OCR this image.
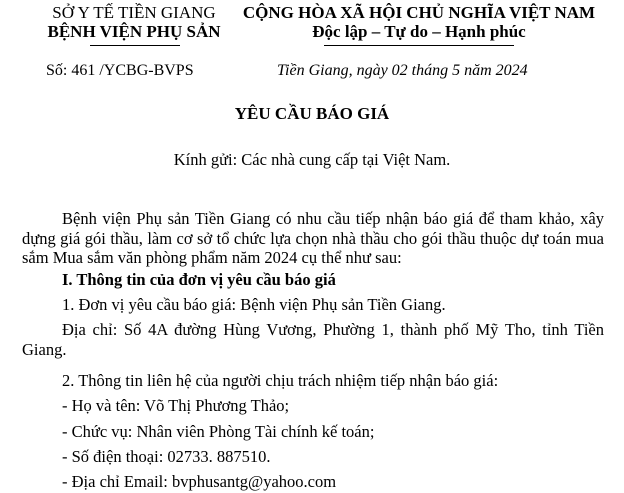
SỞ Y TẾ TIỀN GIANG
BỆNH VIỆN PHỤ SẢN
CỘNG HÒA XÃ HỘI CHỦ NGHĨA VIỆT NAM
Độc lập – Tự do – Hạnh phúc
Số: 461 /YCBG-BVPS	Tiền Giang, ngày 02 tháng 5 năm 2024
YÊU CẦU BÁO GIÁ
Kính gửi: Các nhà cung cấp tại Việt Nam.
Bệnh viện Phụ sản Tiền Giang có nhu cầu tiếp nhận báo giá để tham khảo, xây dựng giá gói thầu, làm cơ sở tổ chức lựa chọn nhà thầu cho gói thầu thuộc dự toán mua sắm Mua sắm văn phòng phẩm năm 2024 cụ thể như sau:
I. Thông tin của đơn vị yêu cầu báo giá
1. Đơn vị yêu cầu báo giá: Bệnh viện Phụ sản Tiền Giang.
Địa chỉ: Số 4A đường Hùng Vương, Phường 1, thành phố Mỹ Tho, tỉnh Tiền Giang.
2. Thông tin liên hệ của người chịu trách nhiệm tiếp nhận báo giá:
- Họ và tên: Võ Thị Phương Thảo;
- Chức vụ: Nhân viên Phòng Tài chính kế toán;
- Số điện thoại: 02733. 887510.
- Địa chỉ Email: bvphusantg@yahoo.com
